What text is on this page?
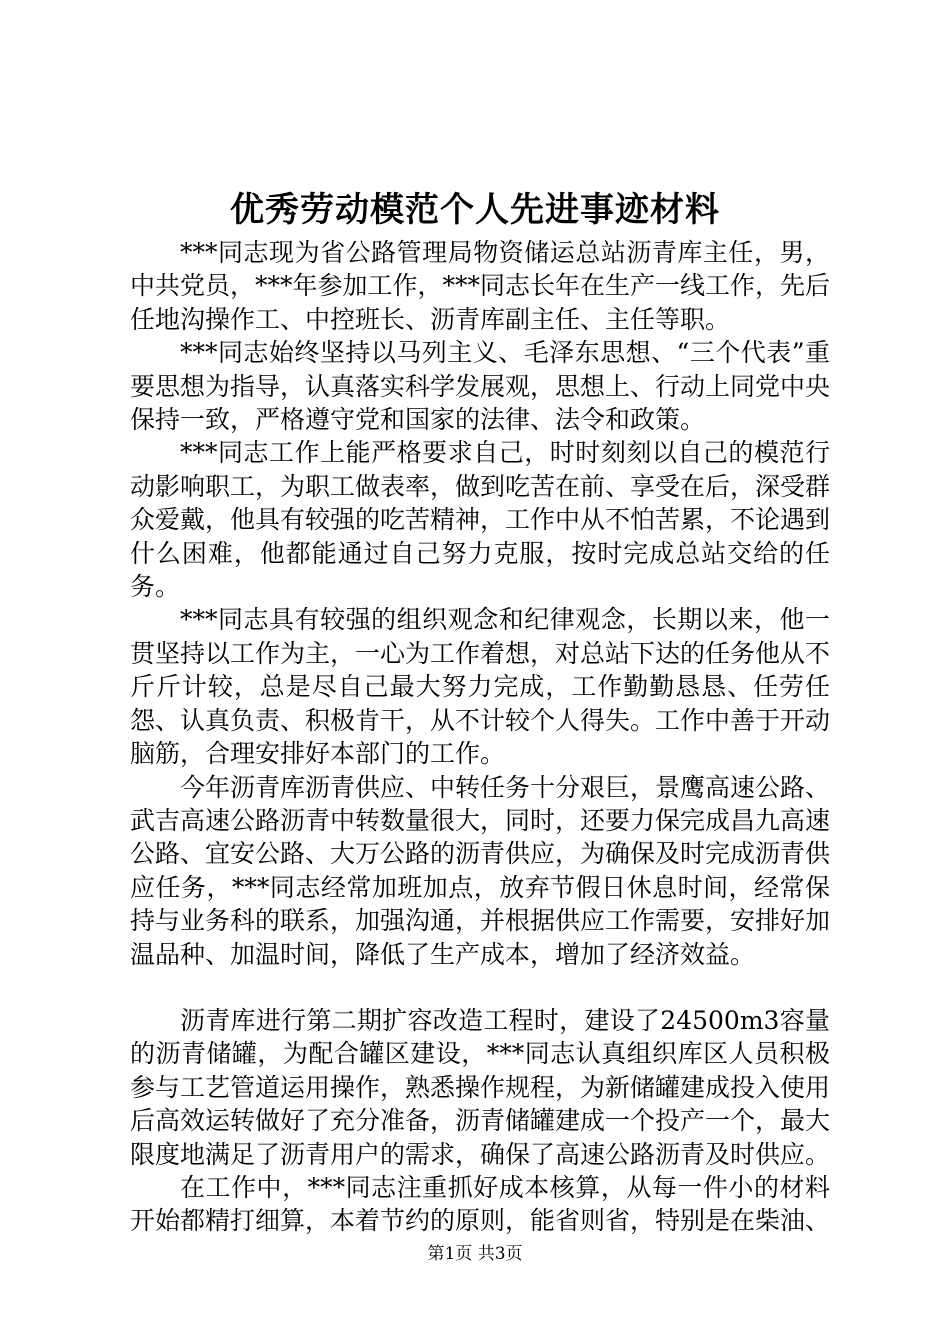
优秀劳动模范个人先进事迹材料

***同志现为省公路管理局物资储运总站沥青库主任，男，中共党员，***年参加工作，***同志长年在生产一线工作，先后任地沟操作工、中控班长、沥青库副主任、主任等职。

***同志始终坚持以马列主义、毛泽东思想、“三个代表”重要思想为指导，认真落实科学发展观，思想上、行动上同党中央保持一致，严格遵守党和国家的法律、法令和政策。

***同志工作上能严格要求自己，时时刻刻以自己的模范行动影响职工，为职工做表率，做到吃苦在前、享受在后，深受群众爱戴，他具有较强的吃苦精神，工作中从不怕苦累，不论遇到什么困难，他都能通过自己努力克服，按时完成总站交给的任务。

***同志具有较强的组织观念和纪律观念，长期以来，他一贯坚持以工作为主，一心为工作着想，对总站下达的任务他从不斤斤计较，总是尽自己最大努力完成，工作勤勤恳恳、任劳任怨、认真负责、积极肯干，从不计较个人得失。工作中善于开动脑筋，合理安排好本部门的工作。

今年沥青库沥青供应、中转任务十分艰巨，景鹰高速公路、武吉高速公路沥青中转数量很大，同时，还要力保完成昌九高速公路、宜安公路、大万公路的沥青供应，为确保及时完成沥青供应任务，***同志经常加班加点，放弃节假日休息时间，经常保持与业务科的联系，加强沟通，并根据供应工作需要，安排好加温品种、加温时间，降低了生产成本，增加了经济效益。

沥青库进行第二期扩容改造工程时，建设了24500m3容量的沥青储罐，为配合罐区建设，***同志认真组织库区人员积极参与工艺管道运用操作，熟悉操作规程，为新储罐建成投入使用后高效运转做好了充分准备，沥青储罐建成一个投产一个，最大限度地满足了沥青用户的需求，确保了高速公路沥青及时供应。

在工作中，***同志注重抓好成本核算，从每一件小的材料开始都精打细算，本着节约的原则，能省则省，特别是在柴油、

第1页 共3页
